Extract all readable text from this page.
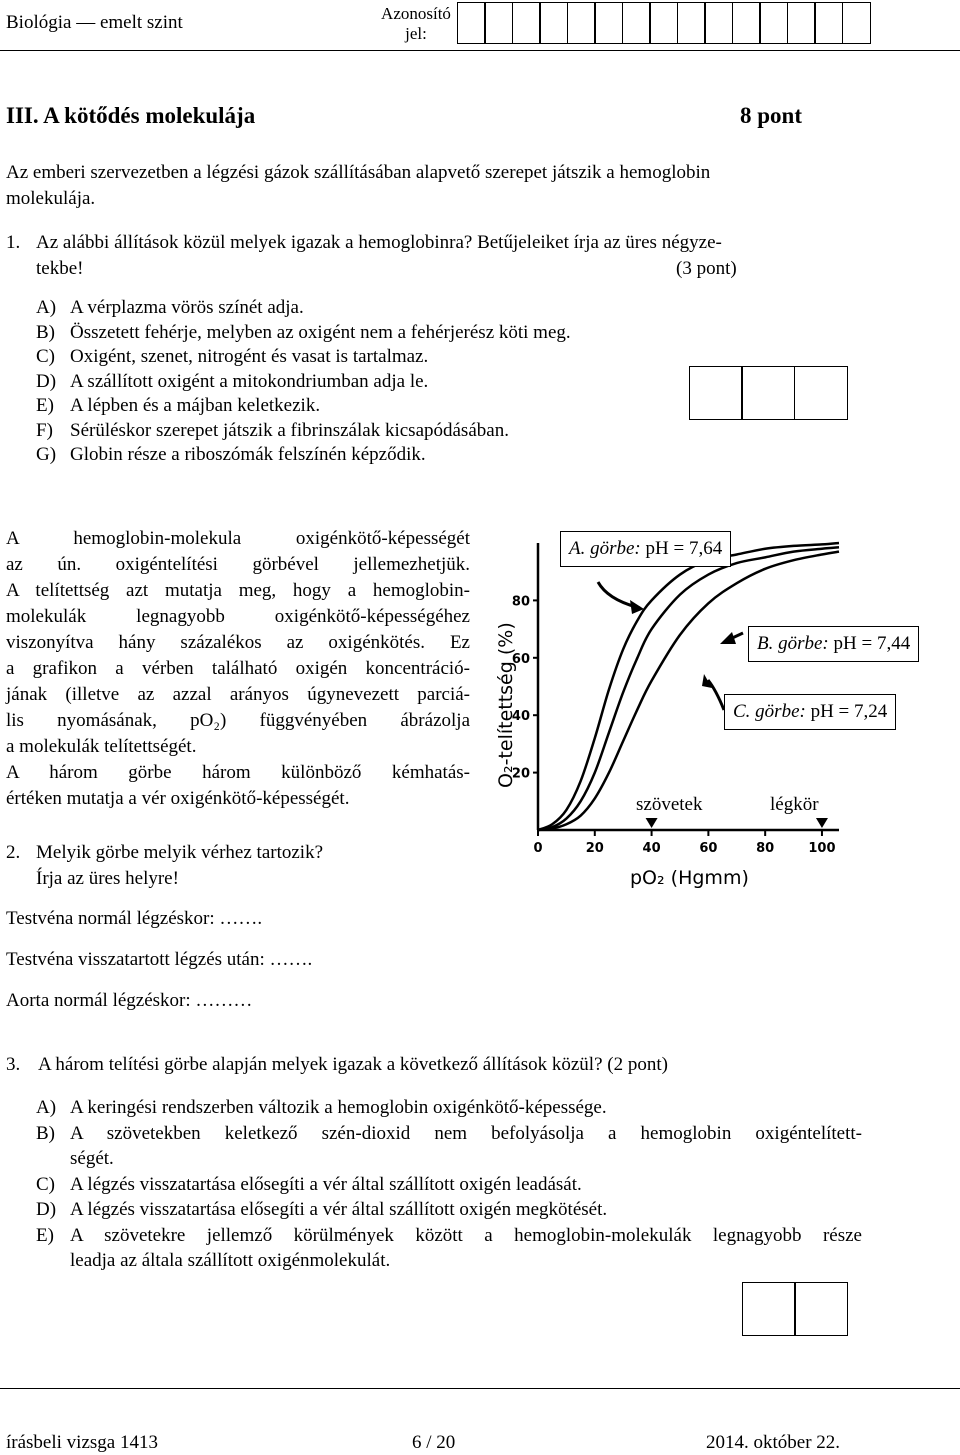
Biológia — emelt szint	Azonosító
jel:
III. A kötődés molekulája	8 pont
Az emberi szervezetben a légzési gázok szállításában alapvető szerepet játszik a hemoglobin
molekulája.
1. Az alábbi állítások közül melyek igazak a hemoglobinra? Betűjeleiket írja az üres négyze-
tekbe!	(3 pont)
A) A vérplazma vörös színét adja.
B) Összetett fehérje, melyben az oxigént nem a fehérjerész köti meg.
C) Oxigént, szenet, nitrogént és vasat is tartalmaz.
D) A szállított oxigént a mitokondriumban adja le.
E) A lépben és a májban keletkezik.
F) Sérüléskor szerepet játszik a fibrinszálak kicsapódásában.
G) Globin része a riboszómák felszínén képződik.
A hemoglobin-molekula oxigénkötő-képességét
az ún. oxigéntelítési görbével jellemezhetjük.
A telítettség azt mutatja meg, hogy a hemoglobin-
molekulák legnagyobb oxigénkötő-képességéhez
viszonyítva hány százalékos az oxigénkötés. Ez
a grafikon a vérben található oxigén koncentráció-
jának (illetve az azzal arányos úgynevezett parciá-
lis nyomásának, pO₂) függvényében ábrázolja
a molekulák telítettségét.
A három görbe három különböző kémhatás-
értéken mutatja a vér oxigénkötő-képességét.
0	20	40	60	80	100
20
40
60
80
pO₂ (Hgmm)
O₂-telítettség (%)
A. görbe: pH = 7,64
B. görbe: pH = 7,44
C. görbe: pH = 7,24
szövetek	légkör
2. Melyik görbe melyik vérhez tartozik?
Írja az üres helyre!
Testvéna normál légzéskor: …….
Testvéna visszatartott légzés után: …….
Aorta normál légzéskor: ………
3. A három telítési görbe alapján melyek igazak a következő állítások közül? (2 pont)
A) A keringési rendszerben változik a hemoglobin oxigénkötő-képessége.
B) A szövetekben keletkező szén-dioxid nem befolyásolja a hemoglobin oxigéntelített-
ségét.
C) A légzés visszatartása elősegíti a vér által szállított oxigén leadását.
D) A légzés visszatartása elősegíti a vér által szállított oxigén megkötését.
E) A szövetekre jellemző körülmények között a hemoglobin-molekulák legnagyobb része
leadja az általa szállított oxigénmolekulát.
írásbeli vizsga 1413	6 / 20	2014. október 22.
